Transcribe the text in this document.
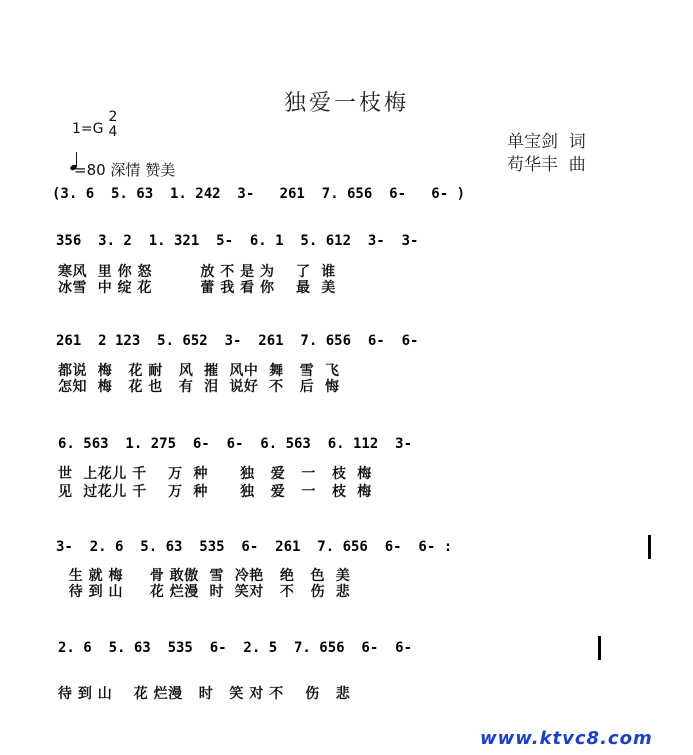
独爱一枝梅
1=G
2
4
=80 深情 赞美
单宝剑  词
苟华丰  曲
(3. 6  5. 63  1. 242  3-   261  7. 656  6-   6- )
356  3. 2  1. 321  5-  6. 1  5. 612  3-  3-
寒风  里 你 怒         放 不 是 为    了  谁
冰雪  中 绽 花         蕾 我 看 你    最  美
261  2 123  5. 652  3-  261  7. 656  6-  6-
都说  梅   花 耐   风  摧  风中  舞   雪  飞
怎知  梅   花 也   有  泪  说好  不   后  悔
6. 563  1. 275  6-  6-  6. 563  6. 112  3-
世  上花儿 千    万  种      独   爱   一   枝  梅
见  过花儿 千    万  种      独   爱   一   枝  梅
3-  2. 6  5. 63  535  6-  261  7. 656  6-  6- :
生 就 梅     骨 敢傲  雪  冷艳   绝   色  美
待 到 山     花 烂漫  时  笑对   不   伤  悲
2. 6  5. 63  535  6-  2. 5  7. 656  6-  6-
待 到 山    花 烂漫   时   笑 对 不    伤   悲
www.ktvc8.com
